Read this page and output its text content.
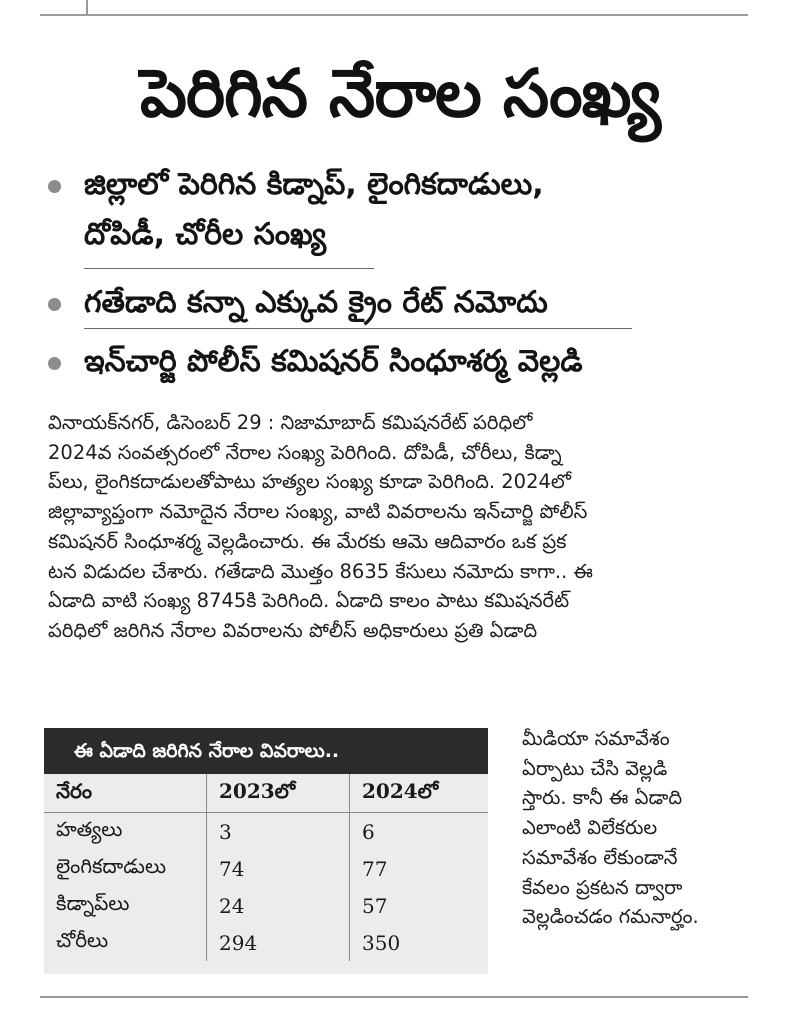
పెరిగిన నేరాల సంఖ్య
జిల్లాలో పెరిగిన కిడ్నాప్, లైంగికదాడులు,
దోపిడీ, చోరీల సంఖ్య
గతేడాది కన్నా ఎక్కువ క్రైం రేట్ నమోదు
ఇన్‌చార్జి పోలీస్ కమిషనర్ సింధూశర్మ వెల్లడి
వినాయక్‌నగర్, డిసెంబర్ 29 : నిజామాబాద్ కమిషనరేట్ పరిధిలో
2024వ సంవత్సరంలో నేరాల సంఖ్య పెరిగింది. దోపిడీ, చోరీలు, కిడ్నా
ప్‌లు, లైంగికదాడులతోపాటు హత్యల సంఖ్య కూడా పెరిగింది. 2024లో
జిల్లావ్యాప్తంగా నమోదైన నేరాల సంఖ్య, వాటి వివరాలను ఇన్‌చార్జి పోలీస్
కమిషనర్ సింధూశర్మ వెల్లడించారు. ఈ మేరకు ఆమె ఆదివారం ఒక ప్రక
టన విడుదల చేశారు. గతేడాది మొత్తం 8635 కేసులు నమోదు కాగా.. ఈ
ఏడాది వాటి సంఖ్య 8745కి పెరిగింది. ఏడాది కాలం పాటు కమిషనరేట్
పరిధిలో జరిగిన నేరాల వివరాలను పోలీస్ అధికారులు ప్రతి ఏడాది
ఈ ఏడాది జరిగిన నేరాల వివరాలు..
నేరం	2023లో	2024లో
హత్యలు	3	6
లైంగికదాడులు	74	77
కిడ్నాప్‌లు	24	57
చోరీలు	294	350
మీడియా సమావేశం
ఏర్పాటు చేసి వెల్లడి
స్తారు. కానీ ఈ ఏడాది
ఎలాంటి విలేకరుల
సమావేశం లేకుండానే
కేవలం ప్రకటన ద్వారా
వెల్లడించడం గమనార్హం.
